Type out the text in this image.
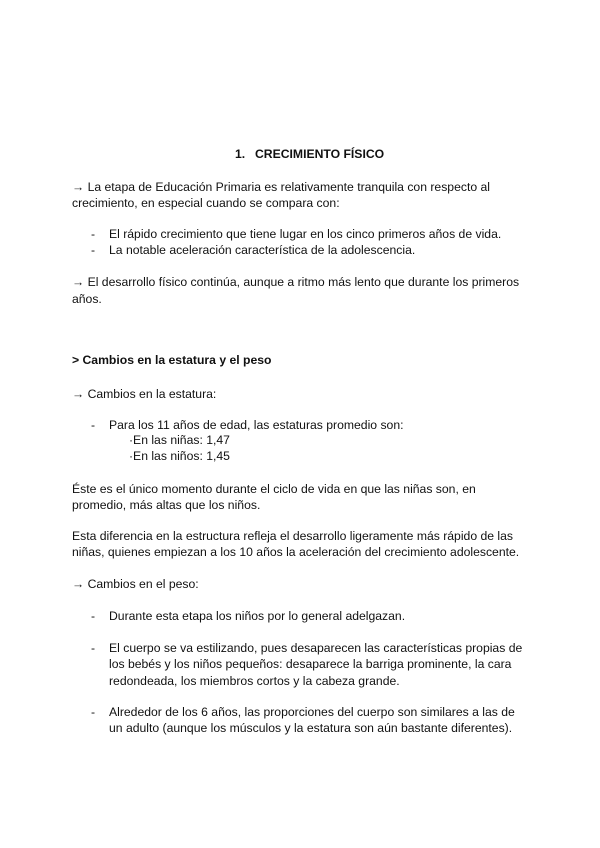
1. CRECIMIENTO FÍSICO
→ La etapa de Educación Primaria es relativamente tranquila con respecto al
crecimiento, en especial cuando se compara con:
- El rápido crecimiento que tiene lugar en los cinco primeros años de vida.
- La notable aceleración característica de la adolescencia.
→ El desarrollo físico continúa, aunque a ritmo más lento que durante los primeros
años.
> Cambios en la estatura y el peso
→ Cambios en la estatura:
- Para los 11 años de edad, las estaturas promedio son:
·En las niñas: 1,47
·En las niños: 1,45
Éste es el único momento durante el ciclo de vida en que las niñas son, en
promedio, más altas que los niños.
Esta diferencia en la estructura refleja el desarrollo ligeramente más rápido de las
niñas, quienes empiezan a los 10 años la aceleración del crecimiento adolescente.
→ Cambios en el peso:
- Durante esta etapa los niños por lo general adelgazan.
- El cuerpo se va estilizando, pues desaparecen las características propias de
los bebés y los niños pequeños: desaparece la barriga prominente, la cara
redondeada, los miembros cortos y la cabeza grande.
- Alrededor de los 6 años, las proporciones del cuerpo son similares a las de
un adulto (aunque los músculos y la estatura son aún bastante diferentes).
